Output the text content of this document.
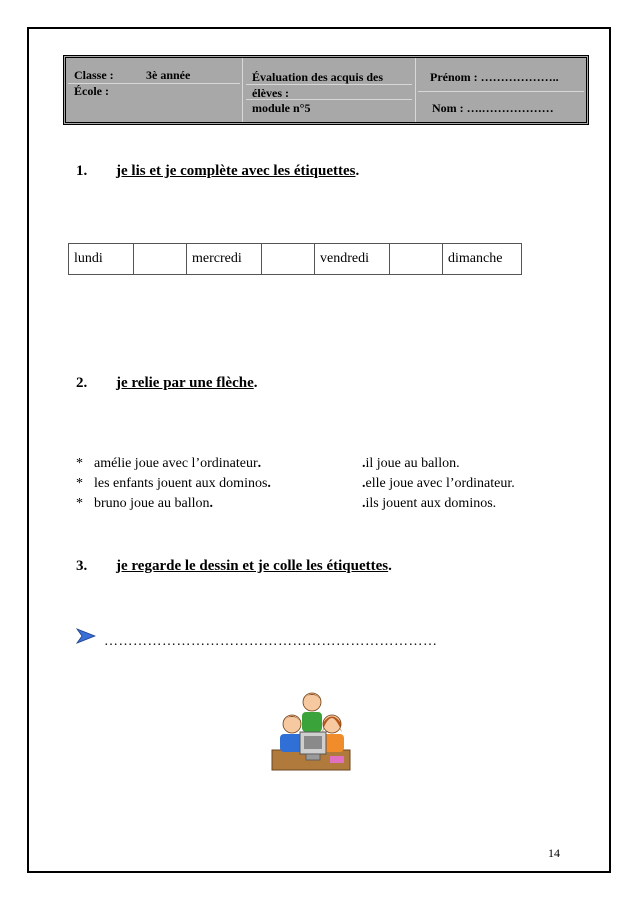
Classe :	3è année
École :
Évaluation des acquis des
élèves :
module n°5
Prénom : ………………..
Nom : ….………………
1. je lis et je complète avec les étiquettes.
lundi		mercredi		vendredi		dimanche
2. je relie par une flèche.
* amélie joue avec l’ordinateur.
* les enfants jouent aux dominos.
* bruno joue au ballon.
.il joue au ballon.
.elle joue avec l’ordinateur.
.ils jouent aux dominos.
3. je regarde le dessin et je colle les étiquettes.
……………………………………………………………
14
